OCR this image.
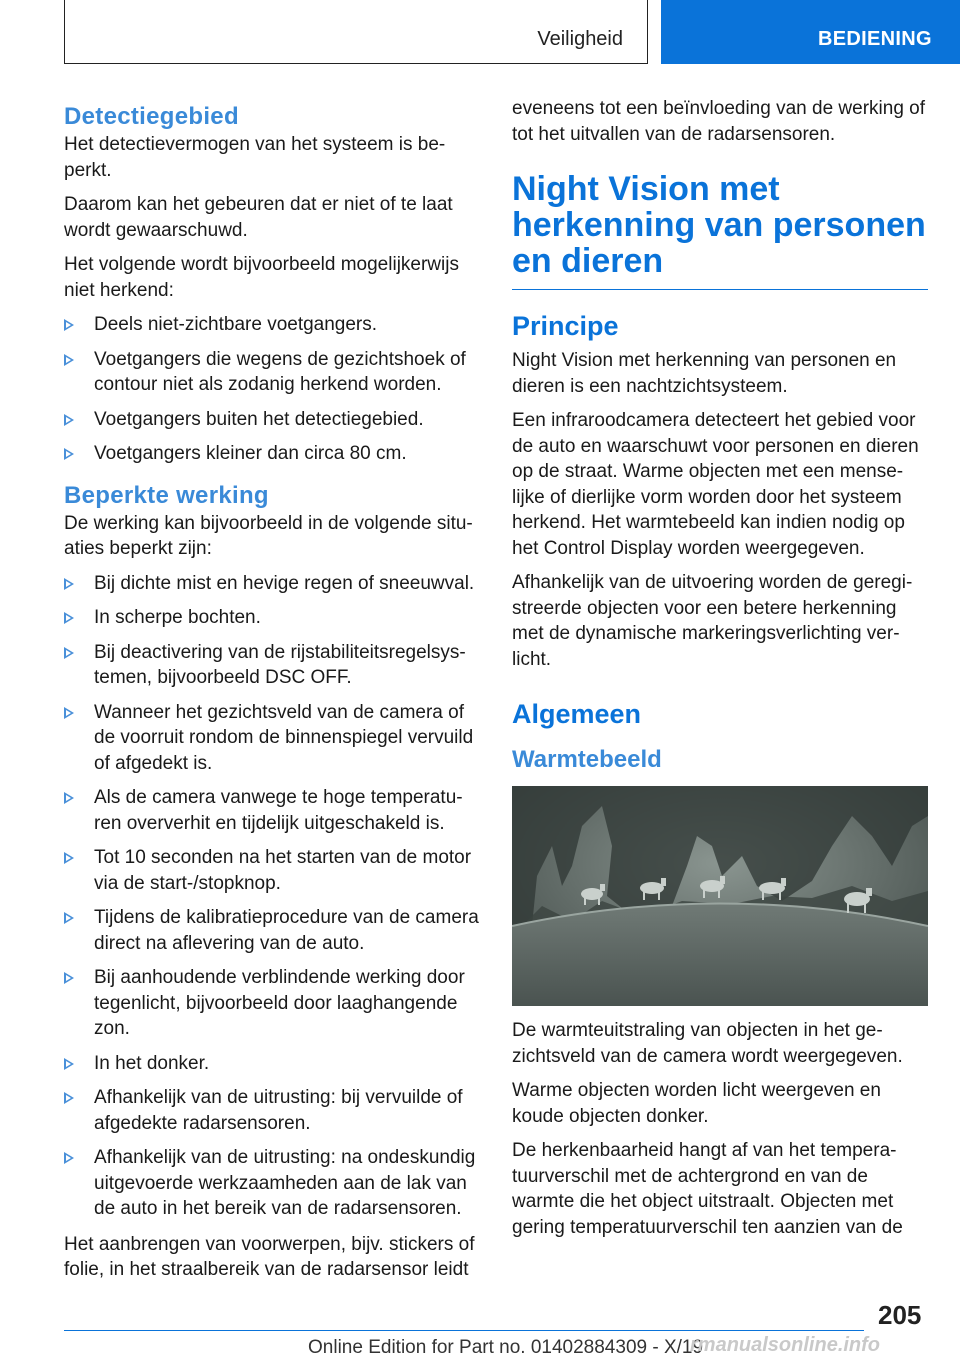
Veiligheid	BEDIENING
Detectiegebied

Het detectievermogen van het systeem is be‐perkt.

Daarom kan het gebeuren dat er niet of te laat wordt gewaarschuwd.

Het volgende wordt bijvoorbeeld mogelijkerwijs niet herkend:

Deels niet-zichtbare voetgangers.
Voetgangers die wegens de gezichtshoek of contour niet als zodanig herkend worden.
Voetgangers buiten het detectiegebied.
Voetgangers kleiner dan circa 80 cm.
Beperkte werking

De werking kan bijvoorbeeld in de volgende situ‐aties beperkt zijn:

Bij dichte mist en hevige regen of sneeuwval.
In scherpe bochten.
Bij deactivering van de rijstabiliteitsregelsys‐temen, bijvoorbeeld DSC OFF.
Wanneer het gezichtsveld van de camera of de voorruit rondom de binnenspiegel vervuild of afgedekt is.
Als de camera vanwege te hoge temperatu‐ren oververhit en tijdelijk uitgeschakeld is.
Tot 10 seconden na het starten van de motor via de start-/stopknop.
Tijdens de kalibratieprocedure van de camera direct na aflevering van de auto.
Bij aanhoudende verblindende werking door tegenlicht, bijvoorbeeld door laaghangende zon.
In het donker.
Afhankelijk van de uitrusting: bij vervuilde of afgedekte radarsensoren.
Afhankelijk van de uitrusting: na ondeskundig uitgevoerde werkzaamheden aan de lak van de auto in het bereik van de radarsensoren.

Het aanbrengen van voorwerpen, bijv. stickers of folie, in het straalbereik van de radarsensor leidt

eveneens tot een beïnvloeding van de werking of tot het uitvallen van de radarsensoren.

Night Vision met herkenning van personen en dieren
Principe

Night Vision met herkenning van personen en dieren is een nachtzichtsysteem.

Een infraroodcamera detecteert het gebied voor de auto en waarschuwt voor personen en dieren op de straat. Warme objecten met een mense‐lijke of dierlijke vorm worden door het systeem herkend. Het warmtebeeld kan indien nodig op het Control Display worden weergegeven.

Afhankelijk van de uitvoering worden de geregi‐streerde objecten voor een betere herkenning met de dynamische markeringsverlichting ver‐licht.

Algemeen
Warmtebeeld

De warmteuitstraling van objecten in het ge‐zichtsveld van de camera wordt weergegeven.

Warme objecten worden licht weergeven en koude objecten donker.

De herkenbaarheid hangt af van het tempera‐tuurverschil met de achtergrond en van de warmte die het object uitstraalt. Objecten met gering temperatuurverschil ten aanzien van de

205
Online Edition for Part no. 01402884309 - X/19
rmanualsonline.info
